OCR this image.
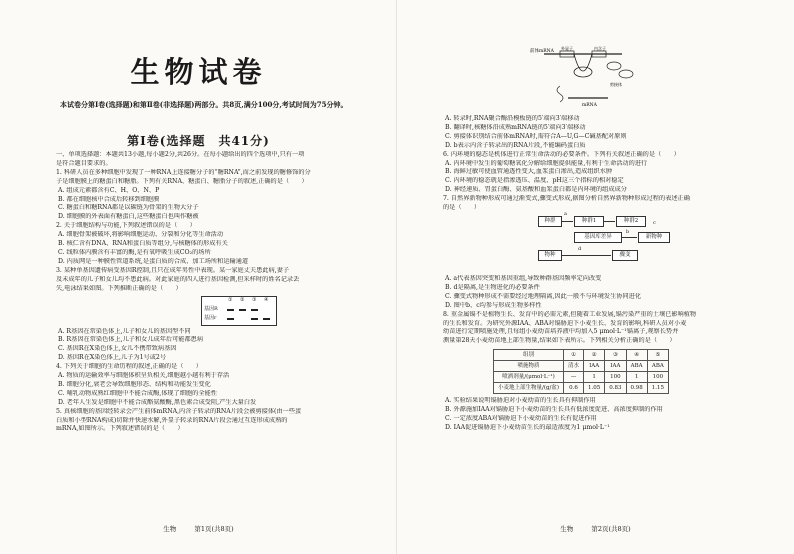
生物试卷
本试卷分第Ⅰ卷(选择题)和第Ⅱ卷(非选择题)两部分。共8页,满分100分,考试时间为75分钟。
第Ⅰ卷(选择题　共41分)
生物	第1页(共8页)

一、单项选择题：本题共13小题,每小题2分,共26分。在每小题给出的四个选项中,只有一项

是符合题目要求的。

1. 科研人员在多种细胞中发现了一种RNA上连接糖分子的“糖RNA”,而之前发现的糖修饰的分

子是细胞膜上的糖蛋白和糖脂。下列有关RNA、糖蛋白、糖脂分子的叙述,正确的是（　　）

A. 组成元素都含有C、H、O、N、P

B. 都在细胞核中合成后转移到细胞膜

C. 糖蛋白和糖RNA都是以碳链为骨架的生物大分子

D. 细胞膜的外表面有糖蛋白,这些糖蛋白也叫作糖被

2. 关于细胞结构与功能,下列叙述错误的是（　　）

A. 细胞骨架被破坏,将影响细胞运动、分裂和分化等生命活动

B. 核仁含有DNA、RNA和蛋白质等组分,与核糖体的形成有关

C. 线粒体内膜含有丰富的酶,是有氧呼吸生成CO₂的场所

D. 内质网是一种膜性管道系统,是蛋白质的合成、加工场所和运输通道

3. 某种单基因遗传病受基因R控制,且只在成年男性中表现。某一家庭丈夫患此病,妻子

及未成年的儿子和女儿均不患此病。对此家庭的四人进行基因检测,但采样时的姓名记录丢

失,电泳结果如图。下列推断正确的是（　　）

基因R
基因r
① ② ③ ④

A. R基因在常染色体上,儿子和女儿的基因型不同

B. R基因在常染色体上,儿子和女儿成年后可能都患病

C. 基因R在X染色体上,女儿不携带致病基因

D. 基因R在X染色体上,儿子为1号或2号

4. 下列关于细胞的生命历程的叙述,正确的是（　　）

A. 物质的运输效率与细胞体积呈负相关,细胞越小越有利于存活

B. 细胞分化,衰老会导致细胞形态、结构和功能发生变化

C. 哺乳动物成熟红细胞中不能合成酶,体现了细胞的全能性

D. 老年人生发是细胞中不能合成酪氨酸酶,黑色素合成受阻,产生大量白发

5. 真核细胞的基因经转录会产生前体mRNA,内含子转录的RNA片段会被剪接体(由一些蛋

白质和小型RNA构成)切除并快速水解,外显子转录的RNA片段会通过互连形成成熟的

mRNA,如图所示。下列叙述错误的是（　　）

生物	第2页(共8页)
前体mRNA
外显子	内含子
剪接体
mRNA

A. 转录时,RNA聚合酶沿模板链的5′端向3′端移动

B. 翻译时,核糖体沿成熟mRNA链的5′端向3′端移动

C. 剪接体识别结合前体mRNA时,需符合A—U,G—C碱基配对原则

D. b表示内含子转录出的RNA片段,不能编码蛋白质

6. 内环境的稳态是机体进行正常生命活动的必要条件。下列有关叙述正确的是（　　）

A. 内环境中发生的葡萄糖氧化分解给细胞提供能量,有利于生命活动的进行

B. 海鲜过敏可使血管通透性变大,血浆蛋白渗出,造成组织水肿

C. 内环境的稳态就是指渗透压、温度、pH这三个指标的相对稳定

D. 神经递质、胃蛋白酶、氨基酸和血浆蛋白都是内环境的组成成分

7. 自然界新物种形成可通过渐变式,骤变式形成,据图分析自然界新物种形成过程的表述正确

的是（　　）

种群
a
种群1	种群2
基因库差异
b
新物种
物种
d
c
骤变

A. a代表基因突变和基因重组,导致种群基因频率定向改变

B. d是隔离,是生物进化的必要条件

C. 骤变式物种形成不需要经过地理隔离,因此一般不与环境发生协同进化

D. 图中b、c均参与形成生物多样性

8. 重金属镉不是植物生长、发育中的必需元素,但随着工业发展,镉污染严重的土壤已影响植物

的生长和发育。为研究外源IAA、ABA对镉胁迫下小麦生长、发育的影响,科研人员对小麦

幼苗进行定期喷施处理,且每组小麦幼苗培养液中均加入5 μmol·L⁻¹镉离子,观察长势并

测量第28天小麦幼苗地上部生物量,结果如下表所示。下列相关分析正确的是（　　）

组别	①	②	③	④	⑤
喷施物质	清水	IAA	IAA	ABA	ABA
喷洒剂量/(μmol·L⁻¹)	—	1	100	1	100
小麦地上部生物量/(g/盆)	0.6	1.05	0.83	0.98	1.15

A. 实验结果说明镉胁迫对小麦幼苗的生长具有抑制作用

B. 外源施加IAA对镉胁迫下小麦幼苗的生长具有低浓度促进、高浓度抑制的作用

C. 一定浓度ABA对镉胁迫下小麦幼苗的生长有促进作用

D. IAA促进镉胁迫下小麦幼苗生长的最适浓度为1 μmol·L⁻¹
